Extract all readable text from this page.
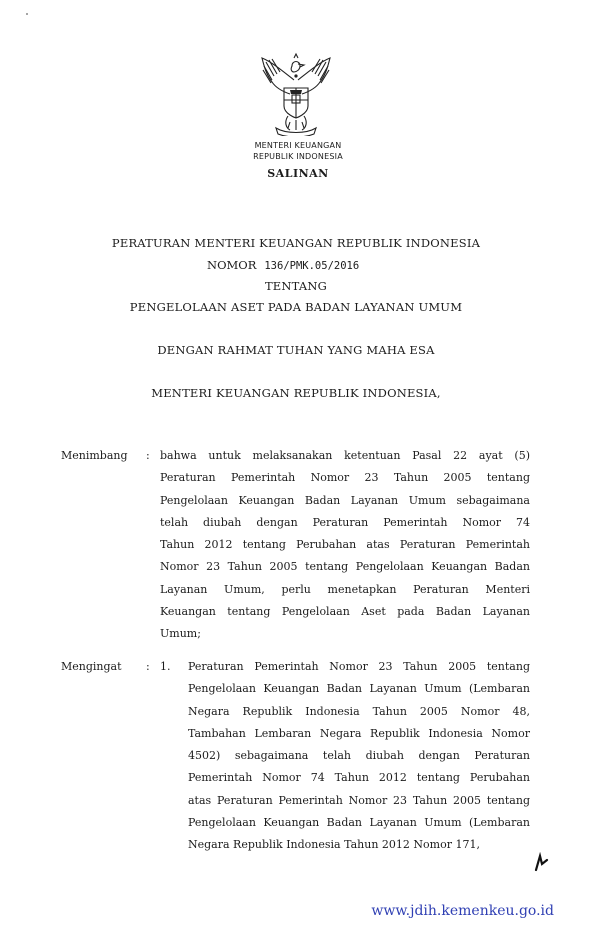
MENTERI KEUANGAN
REPUBLIK INDONESIA
SALINAN
PERATURAN MENTERI KEUANGAN REPUBLIK INDONESIA
NOMOR 136/PMK.05/2016
TENTANG
PENGELOLAAN ASET PADA BADAN LAYANAN UMUM
DENGAN RAHMAT TUHAN YANG MAHA ESA
MENTERI KEUANGAN REPUBLIK INDONESIA,
Menimbang : bahwa untuk melaksanakan ketentuan Pasal 22 ayat (5)
Peraturan Pemerintah Nomor 23 Tahun 2005 tentang
Pengelolaan Keuangan Badan Layanan Umum sebagaimana
telah diubah dengan Peraturan Pemerintah Nomor 74
Tahun 2012 tentang Perubahan atas Peraturan Pemerintah
Nomor 23 Tahun 2005 tentang Pengelolaan Keuangan Badan
Layanan Umum, perlu menetapkan Peraturan Menteri
Keuangan tentang Pengelolaan Aset pada Badan Layanan
Umum;
Mengingat : 1. Peraturan Pemerintah Nomor 23 Tahun 2005 tentang
Pengelolaan Keuangan Badan Layanan Umum (Lembaran
Negara Republik Indonesia Tahun 2005 Nomor 48,
Tambahan Lembaran Negara Republik Indonesia Nomor
4502) sebagaimana telah diubah dengan Peraturan
Pemerintah Nomor 74 Tahun 2012 tentang Perubahan
atas Peraturan Pemerintah Nomor 23 Tahun 2005 tentang
Pengelolaan Keuangan Badan Layanan Umum (Lembaran
Negara Republik Indonesia Tahun 2012 Nomor 171,
www.jdih.kemenkeu.go.id
